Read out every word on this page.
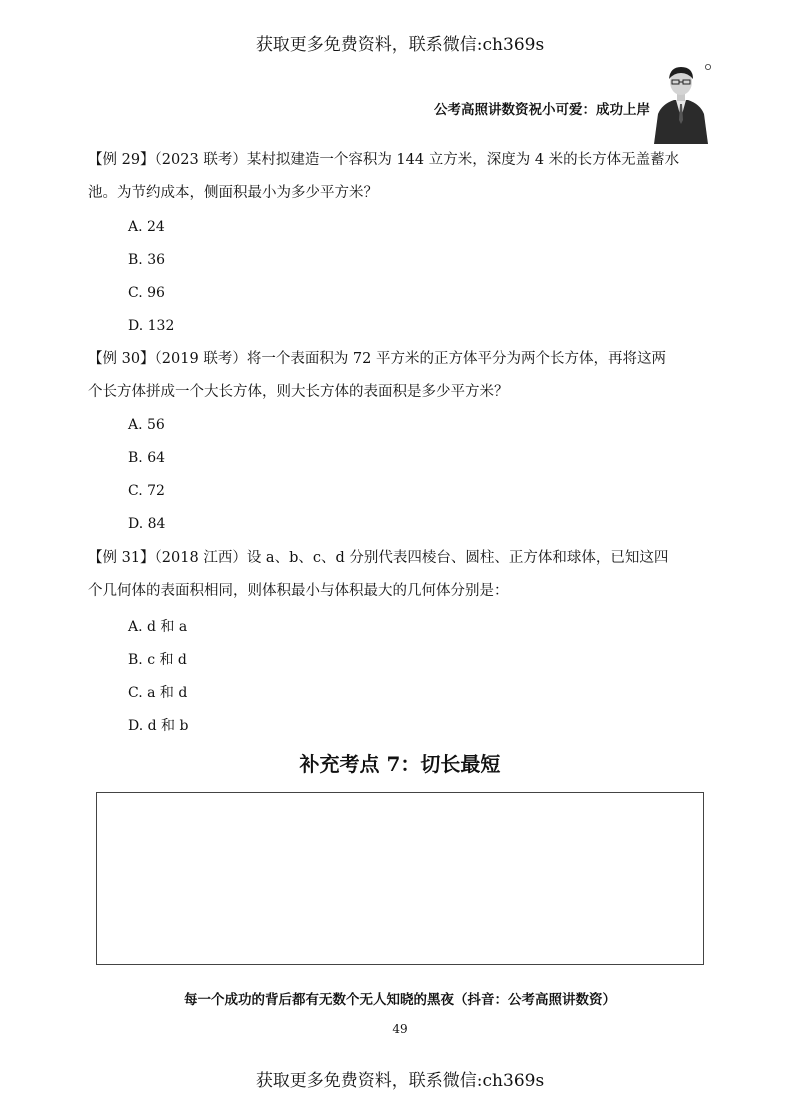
获取更多免费资料，联系微信:ch369s
公考高照讲数资祝小可爱：成功上岸
【例 29】（2023 联考）某村拟建造一个容积为 144 立方米，深度为 4 米的长方体无盖蓄水
池。为节约成本，侧面积最小为多少平方米？
A. 24
B. 36
C. 96
D. 132
【例 30】（2019 联考）将一个表面积为 72 平方米的正方体平分为两个长方体，再将这两
个长方体拼成一个大长方体，则大长方体的表面积是多少平方米？
A. 56
B. 64
C. 72
D. 84
【例 31】（2018 江西）设 a、b、c、d 分别代表四棱台、圆柱、正方体和球体，已知这四
个几何体的表面积相同，则体积最小与体积最大的几何体分别是：
A. d 和 a
B. c 和 d
C. a 和 d
D. d 和 b
补充考点 7：切长最短
每一个成功的背后都有无数个无人知晓的黑夜（抖音：公考高照讲数资）
49
获取更多免费资料，联系微信:ch369s
